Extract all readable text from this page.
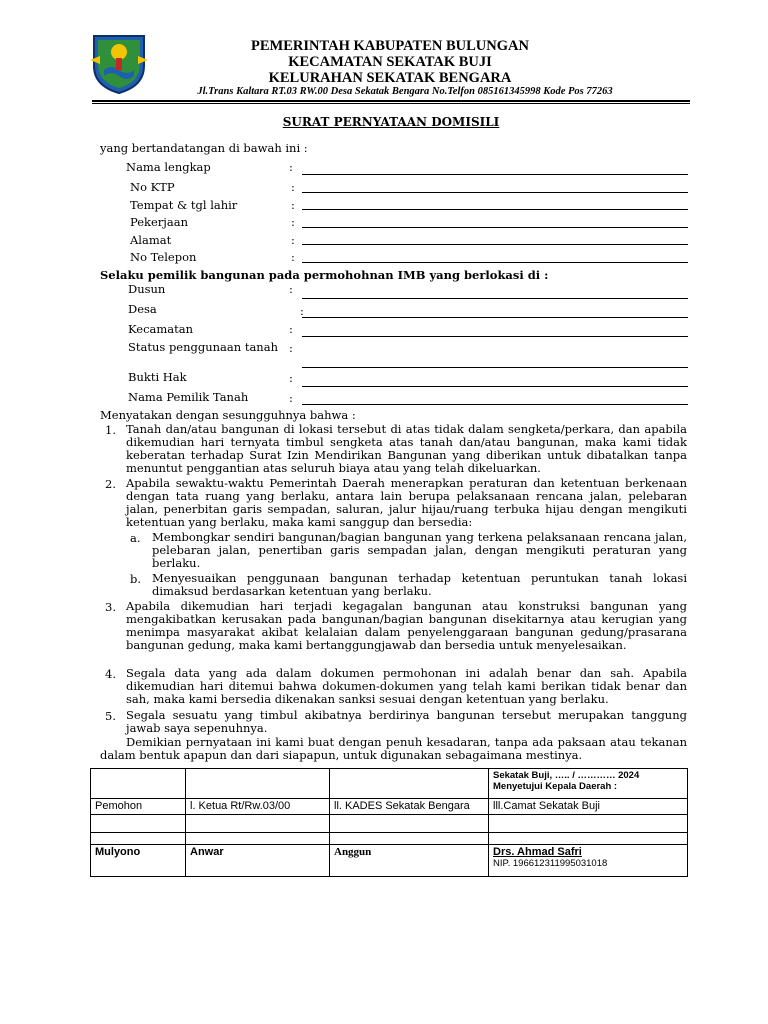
PEMERINTAH KABUPATEN BULUNGAN
KECAMATAN SEKATAK BUJI
KELURAHAN SEKATAK BENGARA
Jl.Trans Kaltara RT.03 RW.00 Desa Sekatak Bengara No.Telfon 085161345998 Kode Pos 77263
SURAT PERNYATAAN DOMISILI
yang bertandatangan di bawah ini :
Nama lengkap	:
No KTP	:
Tempat & tgl lahir	:
Pekerjaan	:
Alamat	:
No Telepon	:
Selaku pemilik bangunan pada permohohnan IMB yang berlokasi di :
Dusun	:
Desa	:
Kecamatan	:
Status penggunaan tanah :
Bukti Hak	:
Nama Pemilik Tanah	:
Menyatakan dengan sesungguhnya bahwa :
1. Tanah dan/atau bangunan di lokasi tersebut di atas tidak dalam sengketa/perkara, dan apabila dikemudian hari ternyata timbul sengketa atas tanah dan/atau bangunan, maka kami tidak keberatan terhadap Surat Izin Mendirikan Bangunan yang diberikan untuk dibatalkan tanpa menuntut penggantian atas seluruh biaya atau yang telah dikeluarkan.
2. Apabila sewaktu-waktu Pemerintah Daerah menerapkan peraturan dan ketentuan berkenaan dengan tata ruang yang berlaku, antara lain berupa pelaksanaan rencana jalan, pelebaran jalan, penerbitan garis sempadan, saluran, jalur hijau/ruang terbuka hijau dengan mengikuti ketentuan yang berlaku, maka kami sanggup dan bersedia:
a. Membongkar sendiri bangunan/bagian bangunan yang terkena pelaksanaan rencana jalan, pelebaran jalan, penertiban garis sempadan jalan, dengan mengikuti peraturan yang berlaku.
b. Menyesuaikan penggunaan bangunan terhadap ketentuan peruntukan tanah lokasi dimaksud berdasarkan ketentuan yang berlaku.
3. Apabila dikemudian hari terjadi kegagalan bangunan atau konstruksi bangunan yang mengakibatkan kerusakan pada bangunan/bagian bangunan disekitarnya atau kerugian yang menimpa masyarakat akibat kelalaian dalam penyelenggaraan bangunan gedung/prasarana bangunan gedung, maka kami bertanggungjawab dan bersedia untuk menyelesaikan.
4. Segala data yang ada dalam dokumen permohonan ini adalah benar dan sah. Apabila dikemudian hari ditemui bahwa dokumen-dokumen yang telah kami berikan tidak benar dan sah, maka kami bersedia dikenakan sanksi sesuai dengan ketentuan yang berlaku.
5. Segala sesuatu yang timbul akibatnya berdirinya bangunan tersebut merupakan tanggung jawab saya sepenuhnya.
Demikian pernyataan ini kami buat dengan penuh kesadaran, tanpa ada paksaan atau tekanan dalam bentuk apapun dan dari siapapun, untuk digunakan sebagaimana mestinya.

			Sekatak Buji, ….. / ………… 2024
Menyetujui Kepala Daerah :

Pemohon	l. Ketua Rt/Rw.03/00	ll. KADES Sekatak Bengara	lll.Camat Sekatak Buji

Mulyono	Anwar	Anggun	Drs. Ahmad Safri
NIP. 196612311995031018
